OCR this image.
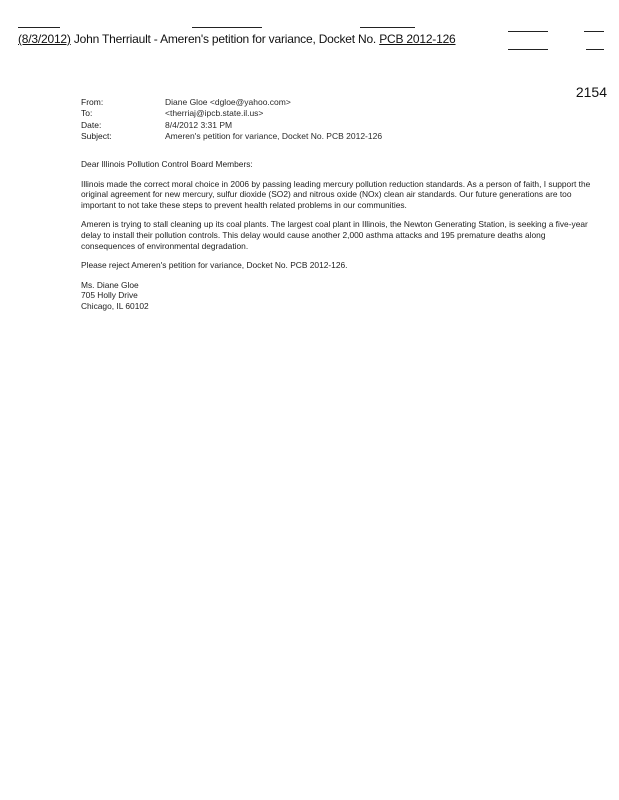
(8/3/2012) John Therriault - Ameren's petition for variance, Docket No. PCB 2012-126
2154
From:	Diane Gloe <dgloe@yahoo.com>
To:	<therriaj@ipcb.state.il.us>
Date:	8/4/2012 3:31 PM
Subject:	Ameren's petition for variance, Docket No. PCB 2012-126

Dear Illinois Pollution Control Board Members:

Illinois made the correct moral choice in 2006 by passing leading mercury pollution reduction standards. As a person of faith, I support the original agreement for new mercury, sulfur dioxide (SO2) and nitrous oxide (NOx) clean air standards. Our future generations are too important to not take these steps to prevent health related problems in our communities.

Ameren is trying to stall cleaning up its coal plants. The largest coal plant in Illinois, the Newton Generating Station, is seeking a five-year delay to install their pollution controls. This delay would cause another 2,000 asthma attacks and 195 premature deaths along consequences of environmental degradation.

Please reject Ameren's petition for variance, Docket No. PCB 2012-126.

Ms. Diane Gloe
705 Holly Drive
Chicago, IL 60102
